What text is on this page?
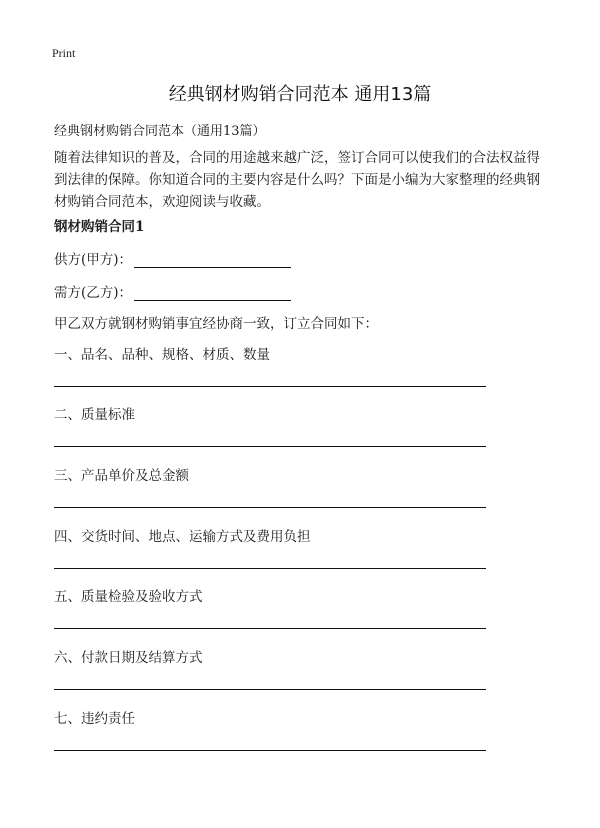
Print
经典钢材购销合同范本 通用13篇

经典钢材购销合同范本（通用13篇）

随着法律知识的普及，合同的用途越来越广泛，签订合同可以使我们的合法权益得到法律的保障。你知道合同的主要内容是什么吗？下面是小编为大家整理的经典钢材购销合同范本，欢迎阅读与收藏。

钢材购销合同1

供方(甲方)：
需方(乙方)：

甲乙双方就钢材购销事宜经协商一致，订立合同如下：

一、品名、品种、规格、材质、数量

二、质量标准

三、产品单价及总金额

四、交货时间、地点、运输方式及费用负担

五、质量检验及验收方式

六、付款日期及结算方式

七、违约责任
